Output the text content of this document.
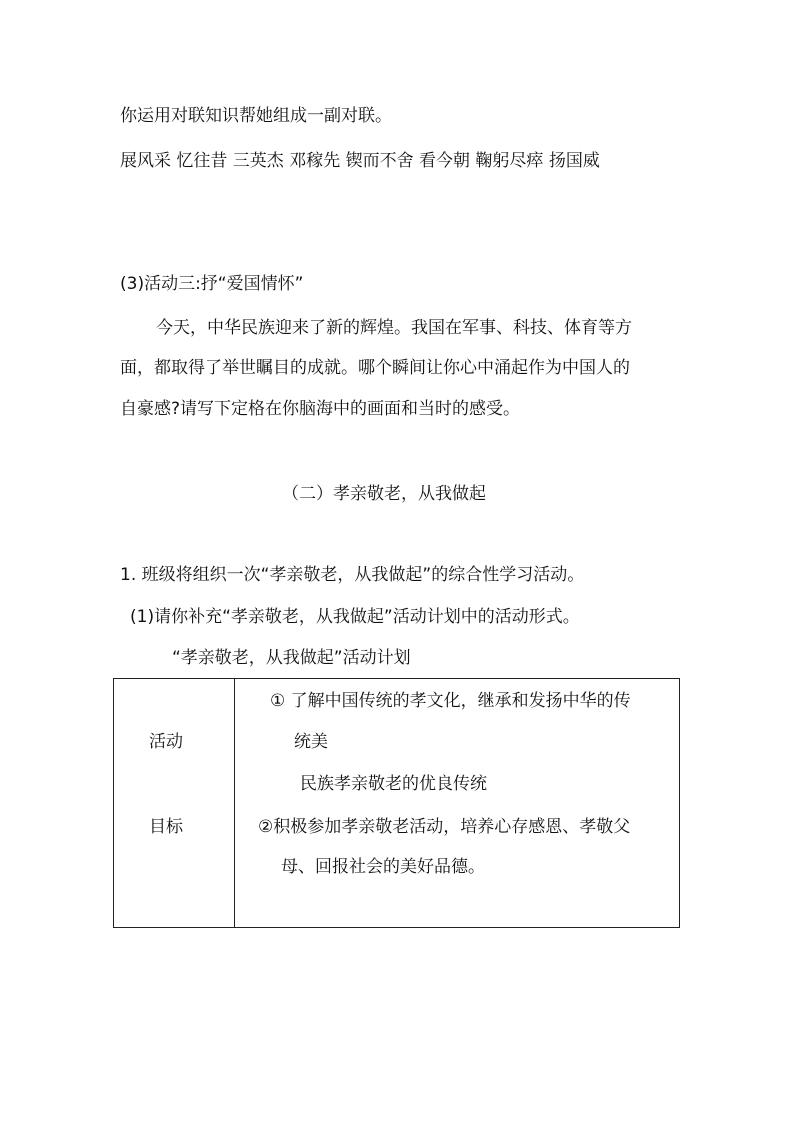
你运用对联知识帮她组成一副对联。
展风采 忆往昔 三英杰 邓稼先 锲而不舍 看今朝 鞠躬尽瘁 扬国威
(3)活动三:抒“爱国情怀”
今天，中华民族迎来了新的辉煌。我国在军事、科技、体育等方
面，都取得了举世瞩目的成就。哪个瞬间让你心中涌起作为中国人的
自豪感?请写下定格在你脑海中的画面和当时的感受。
（二）孝亲敬老，从我做起
1. 班级将组织一次“孝亲敬老，从我做起”的综合性学习活动。
(1)请你补充“孝亲敬老，从我做起”活动计划中的活动形式。
“孝亲敬老，从我做起”活动计划
活动
目标
① 了解中国传统的孝文化，继承和发扬中华的传
统美
民族孝亲敬老的优良传统
②积极参加孝亲敬老活动，培养心存感恩、孝敬父
母、回报社会的美好品德。
